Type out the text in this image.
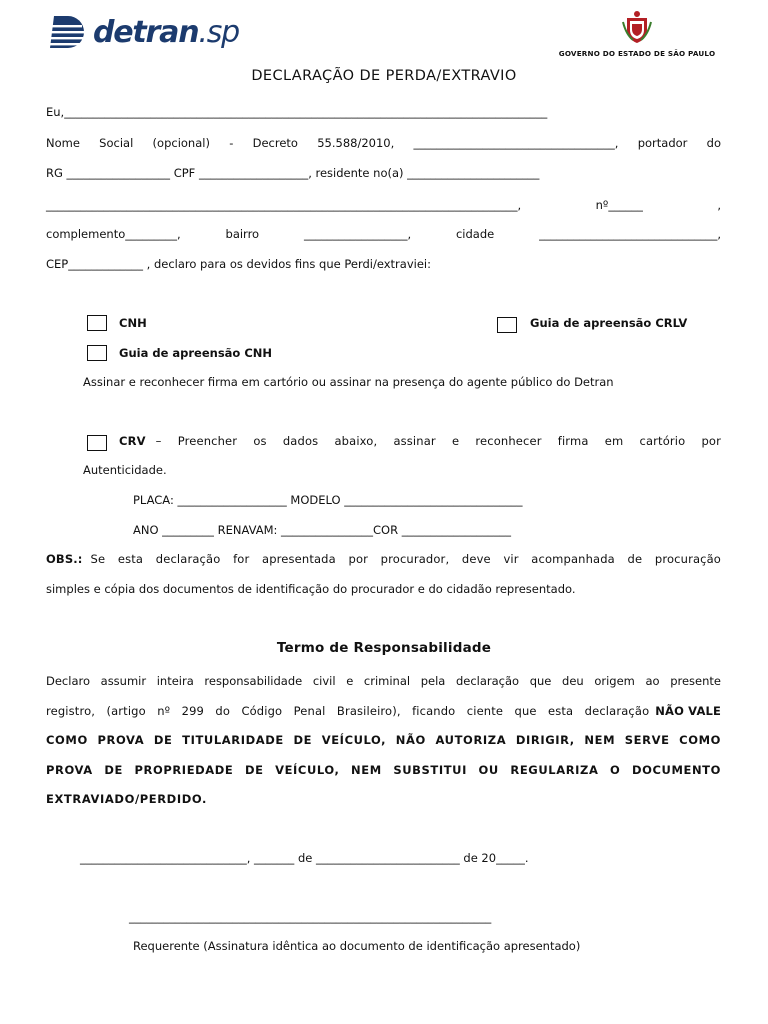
detran.sp
GOVERNO DO ESTADO DE SÃO PAULO
DECLARAÇÃO DE PERDA/EXTRAVIO
Eu,____________________________________________________________________________________
Nome Social (opcional) - Decreto 55.588/2010, ___________________________________, portador do
RG __________________ CPF ___________________, residente no(a) _______________________
__________________________________________________________________________________, nº______ ,
complemento_________, bairro __________________, cidade _______________________________,
CEP_____________ , declaro para os devidos fins que Perdi/extraviei:
CNH	Guia de apreensão CRLV
Guia de apreensão CNH
Assinar e reconhecer firma em cartório ou assinar na presença do agente público do Detran
CRV – Preencher os dados abaixo, assinar e reconhecer firma em cartório por
Autenticidade.
PLACA: ___________________ MODELO _______________________________
ANO _________ RENAVAM: ________________COR ___________________
OBS.: Se esta declaração for apresentada por procurador, deve vir acompanhada de procuração
simples e cópia dos documentos de identificação do procurador e do cidadão representado.
Termo de Responsabilidade
Declaro assumir inteira responsabilidade civil e criminal pela declaração que deu origem ao presente
registro, (artigo nº 299 do Código Penal Brasileiro), ficando ciente que esta declaração NÃO VALE
COMO PROVA DE TITULARIDADE DE VEÍCULO, NÃO AUTORIZA DIRIGIR, NEM SERVE COMO
PROVA DE PROPRIEDADE DE VEÍCULO, NEM SUBSTITUI OU REGULARIZA O DOCUMENTO
EXTRAVIADO/PERDIDO.
_____________________________, _______ de _________________________ de 20_____.
_______________________________________________________________
Requerente (Assinatura idêntica ao documento de identificação apresentado)
